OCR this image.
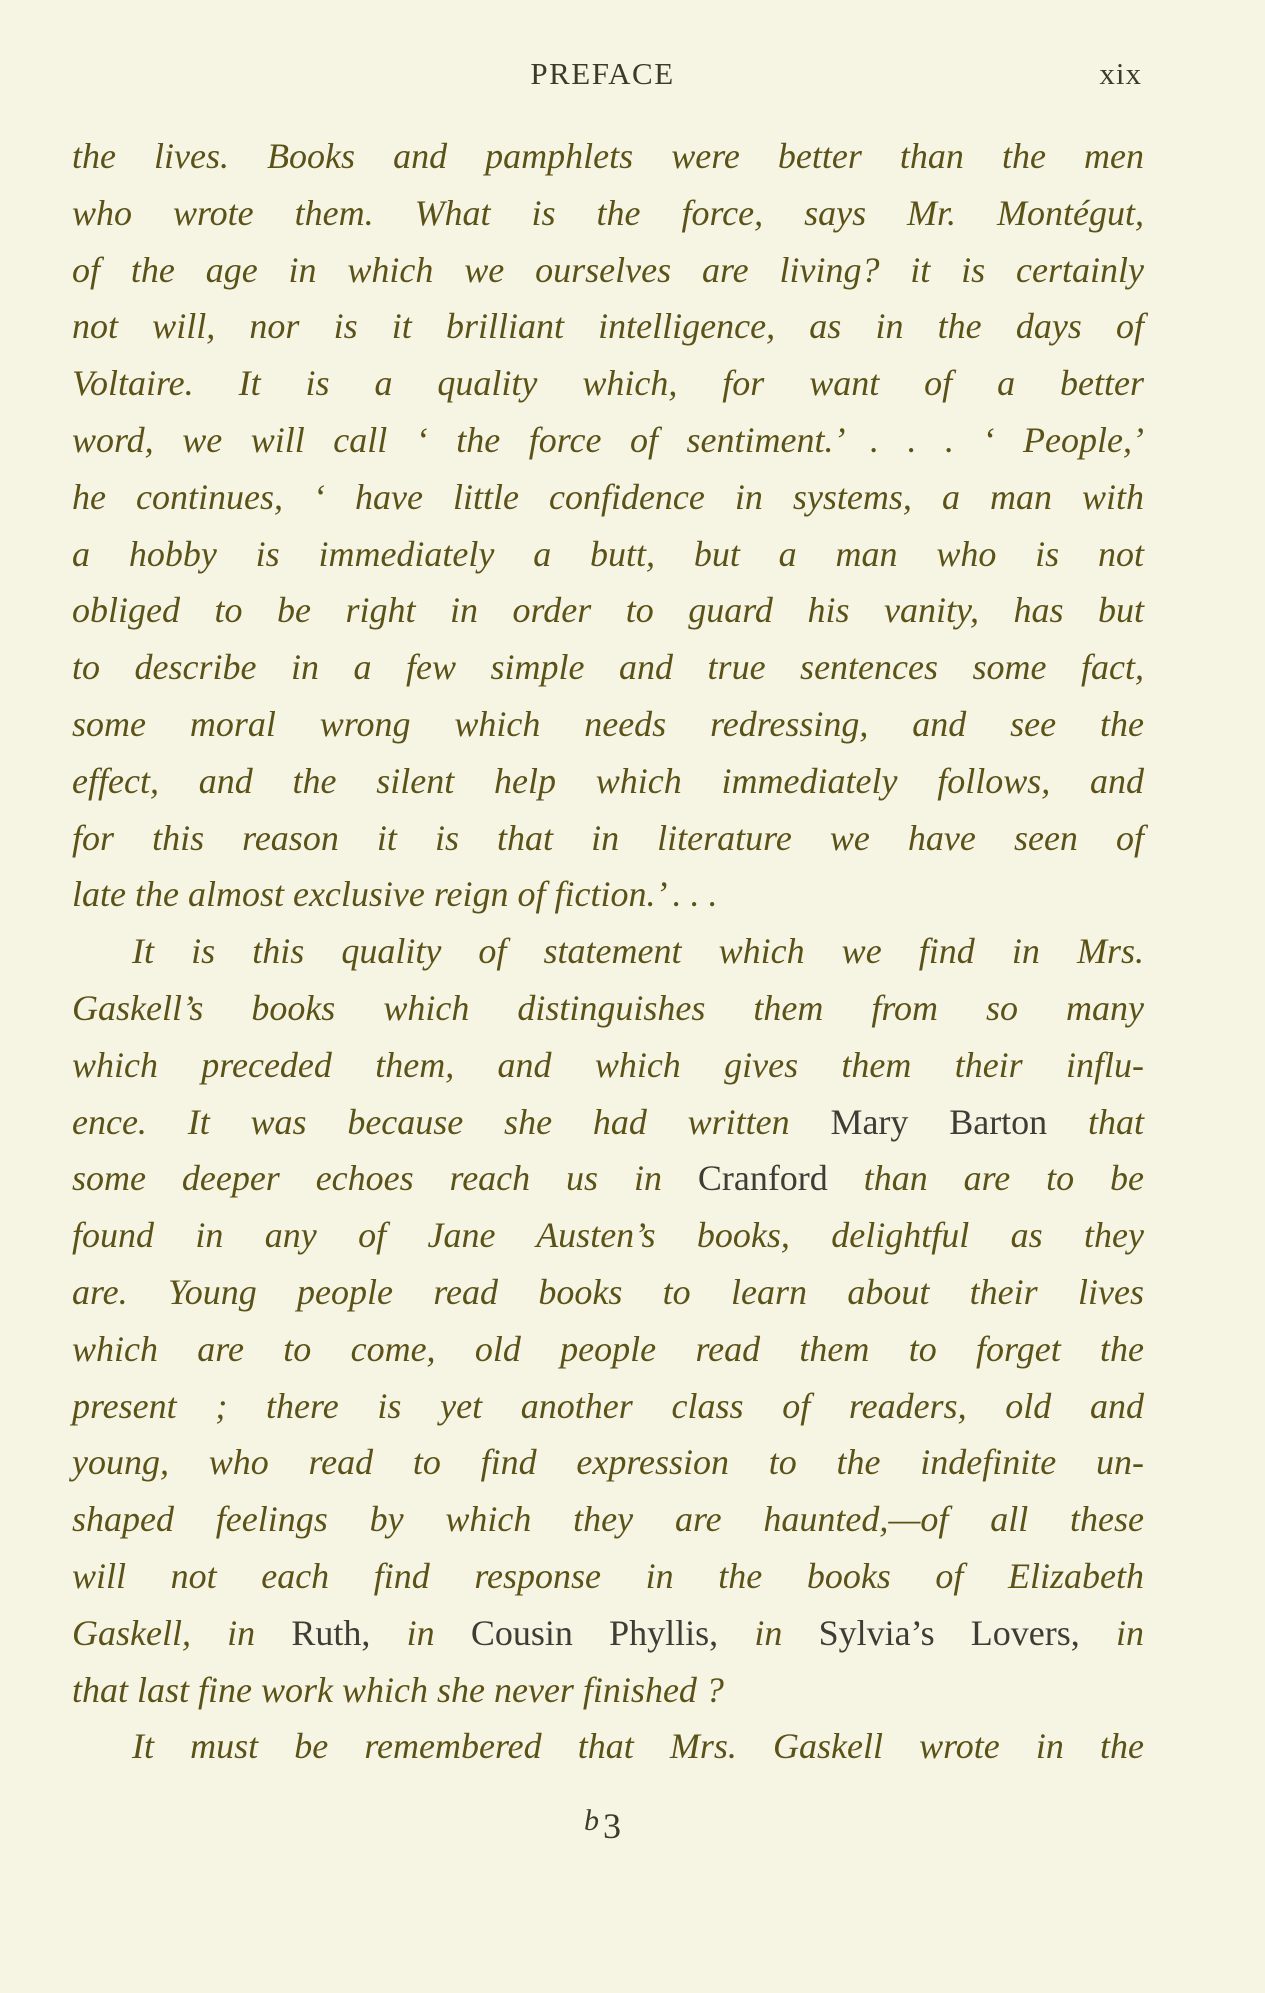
PREFACE	xix
the lives. Books and pamphlets were better than the men
who wrote them. What is the force, says Mr. Montégut,
of the age in which we ourselves are living? it is certainly
not will, nor is it brilliant intelligence, as in the days of
Voltaire. It is a quality which, for want of a better
word, we will call ‘ the force of sentiment.’ . . . ‘ People,’
he continues, ‘ have little confidence in systems, a man with
a hobby is immediately a butt, but a man who is not
obliged to be right in order to guard his vanity, has but
to describe in a few simple and true sentences some fact,
some moral wrong which needs redressing, and see the
effect, and the silent help which immediately follows, and
for this reason it is that in literature we have seen of
late the almost exclusive reign of fiction.’ . . .
It is this quality of statement which we find in Mrs.
Gaskell’s books which distinguishes them from so many
which preceded them, and which gives them their influ-
ence. It was because she had written Mary Barton that
some deeper echoes reach us in Cranford than are to be
found in any of Jane Austen’s books, delightful as they
are. Young people read books to learn about their lives
which are to come, old people read them to forget the
present ; there is yet another class of readers, old and
young, who read to find expression to the indefinite un-
shaped feelings by which they are haunted,—of all these
will not each find response in the books of Elizabeth
Gaskell, in Ruth, in Cousin Phyllis, in Sylvia’s Lovers, in
that last fine work which she never finished ?
It must be remembered that Mrs. Gaskell wrote in the
$^b$ 3
